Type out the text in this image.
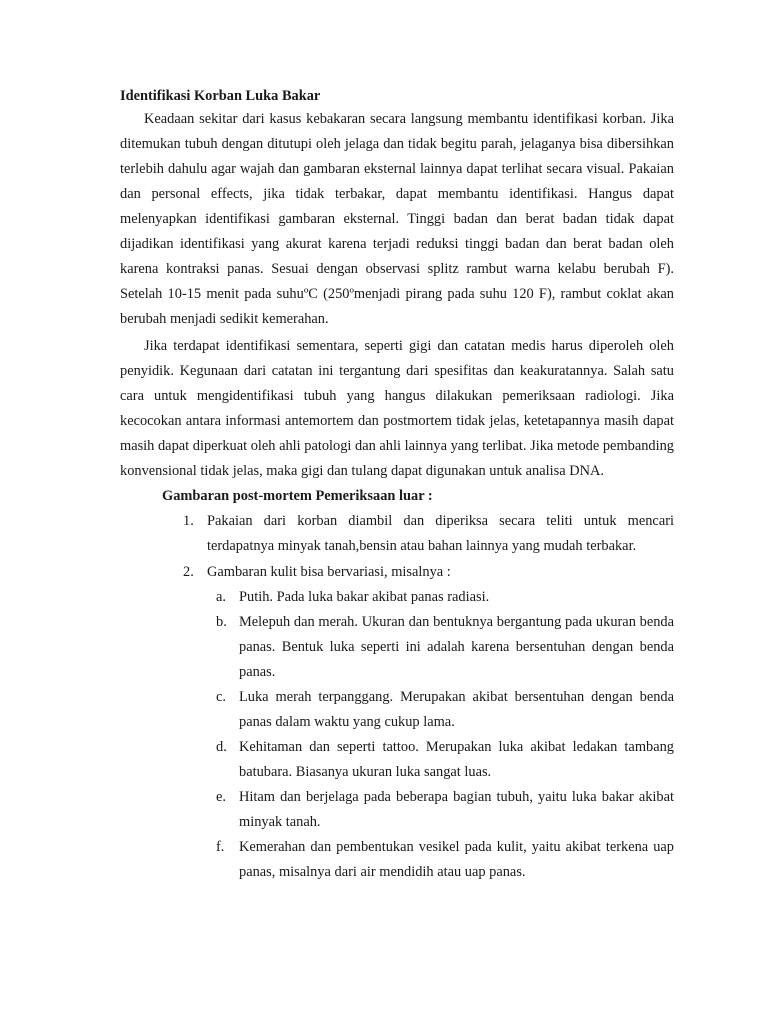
Identifikasi Korban Luka Bakar

Keadaan sekitar dari kasus kebakaran secara langsung membantu identifikasi korban. Jika ditemukan tubuh dengan ditutupi oleh jelaga dan tidak begitu parah, jelaganya bisa dibersihkan terlebih dahulu agar wajah dan gambaran eksternal lainnya dapat terlihat secara visual. Pakaian dan personal effects, jika tidak terbakar, dapat membantu identifikasi. Hangus dapat melenyapkan identifikasi gambaran eksternal. Tinggi badan dan berat badan tidak dapat dijadikan identifikasi yang akurat karena terjadi reduksi tinggi badan dan berat badan oleh karena kontraksi panas. Sesuai dengan observasi splitz rambut warna kelabu berubah F). Setelah 10-15 menit pada suhuºC (250ºmenjadi pirang pada suhu 120 F), rambut coklat akan berubah menjadi sedikit kemerahan.

Jika terdapat identifikasi sementara, seperti gigi dan catatan medis harus diperoleh oleh penyidik. Kegunaan dari catatan ini tergantung dari spesifitas dan keakuratannya. Salah satu cara untuk mengidentifikasi tubuh yang hangus dilakukan pemeriksaan radiologi. Jika kecocokan antara informasi antemortem dan postmortem tidak jelas, ketetapannya masih dapat masih dapat diperkuat oleh ahli patologi dan ahli lainnya yang terlibat. Jika metode pembanding konvensional tidak jelas, maka gigi dan tulang dapat digunakan untuk analisa DNA.

Gambaran post-mortem Pemeriksaan luar :

1. Pakaian dari korban diambil dan diperiksa secara teliti untuk mencari terdapatnya minyak tanah,bensin atau bahan lainnya yang mudah terbakar.
2. Gambaran kulit bisa bervariasi, misalnya :
a. Putih. Pada luka bakar akibat panas radiasi.
b. Melepuh dan merah. Ukuran dan bentuknya bergantung pada ukuran benda panas. Bentuk luka seperti ini adalah karena bersentuhan dengan benda panas.
c. Luka merah terpanggang. Merupakan akibat bersentuhan dengan benda panas dalam waktu yang cukup lama.
d. Kehitaman dan seperti tattoo. Merupakan luka akibat ledakan tambang batubara. Biasanya ukuran luka sangat luas.
e. Hitam dan berjelaga pada beberapa bagian tubuh, yaitu luka bakar akibat minyak tanah.
f. Kemerahan dan pembentukan vesikel pada kulit, yaitu akibat terkena uap panas, misalnya dari air mendidih atau uap panas.
